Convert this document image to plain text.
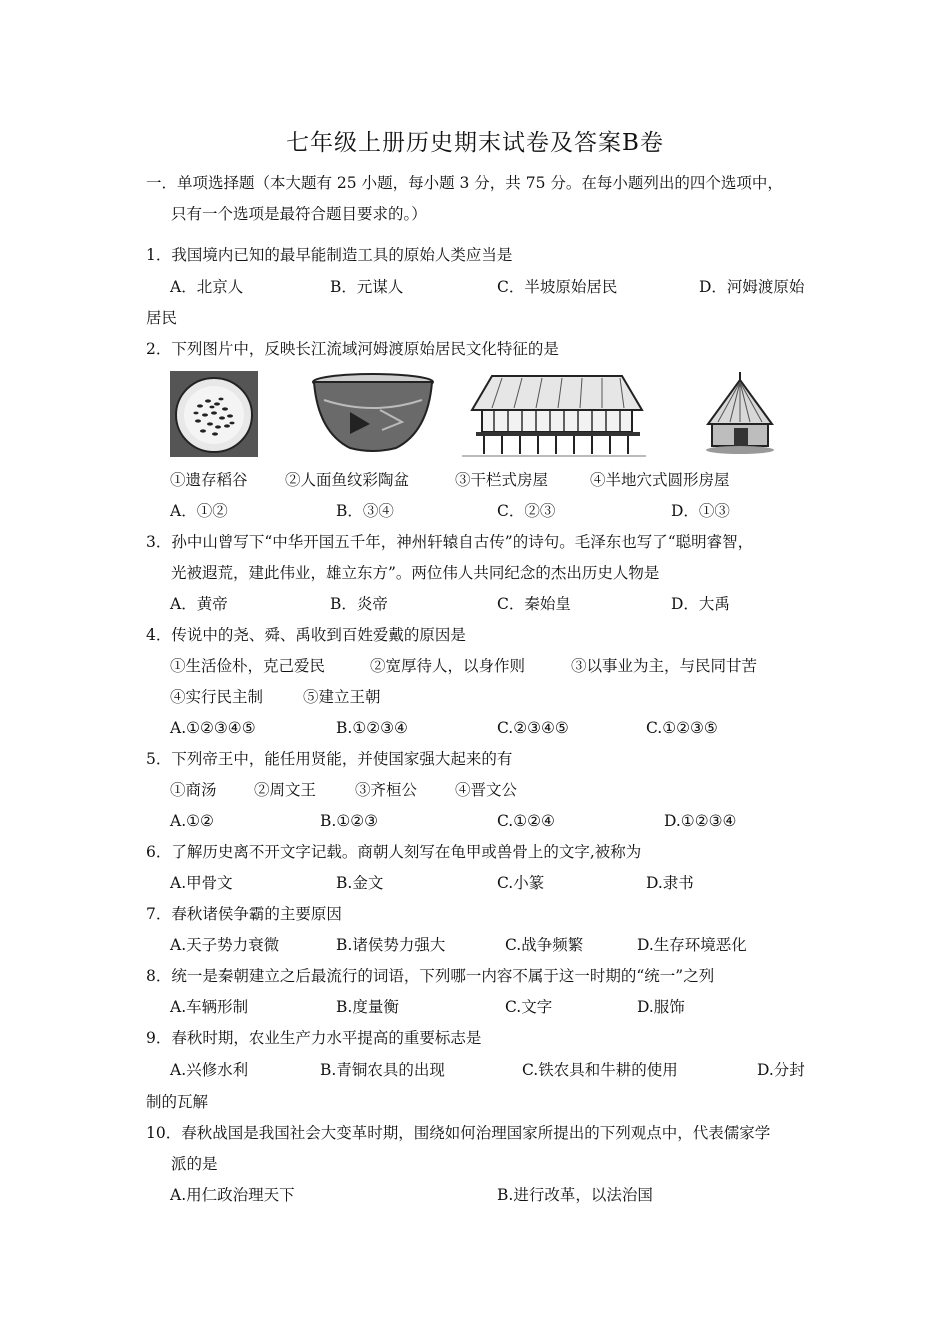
七年级上册历史期末试卷及答案B卷
一．单项选择题（本大题有 25 小题，每小题 3 分，共 75 分。在每小题列出的四个选项中，
只有一个选项是最符合题目要求的。）
1．我国境内已知的最早能制造工具的原始人类应当是
A．北京人	B．元谋人	C．半坡原始居民	D．河姆渡原始
居民
2．下列图片中，反映长江流域河姆渡原始居民文化特征的是
①遗存稻谷 ②人面鱼纹彩陶盆	③干栏式房屋	④半地穴式圆形房屋
A．①②	B．③④	C．②③	D．①③
3．孙中山曾写下“中华开国五千年，神州轩辕自古传”的诗句。毛泽东也写了“聪明睿智，
光被遐荒，建此伟业，雄立东方”。两位伟人共同纪念的杰出历史人物是
A．黄帝	B．炎帝	C．秦始皇	D．大禹
4．传说中的尧、舜、禹收到百姓爱戴的原因是
①生活俭朴，克己爱民	②宽厚待人，以身作则	③以事业为主，与民同甘苦
④实行民主制	⑤建立王朝
A.①②③④⑤	B.①②③④	C.②③④⑤	C.①②③⑤
5．下列帝王中，能任用贤能，并使国家强大起来的有
①商汤 ②周文王	③齐桓公 ④晋文公
A.①②	B.①②③	C.①②④	D.①②③④
6．了解历史离不开文字记载。商朝人刻写在龟甲或兽骨上的文字,被称为
A.甲骨文	B.金文	C.小篆	D.隶书
7．春秋诸侯争霸的主要原因
A.天子势力衰微	B.诸侯势力强大	C.战争频繁	D.生存环境恶化
8．统一是秦朝建立之后最流行的词语，下列哪一内容不属于这一时期的“统一”之列
A.车辆形制	B.度量衡	C.文字	D.服饰
9．春秋时期，农业生产力水平提高的重要标志是
A.兴修水利	B.青铜农具的出现	C.铁农具和牛耕的使用	D.分封
制的瓦解
10．春秋战国是我国社会大变革时期，围绕如何治理国家所提出的下列观点中，代表儒家学
派的是
A.用仁政治理天下	B.进行改革，以法治国
